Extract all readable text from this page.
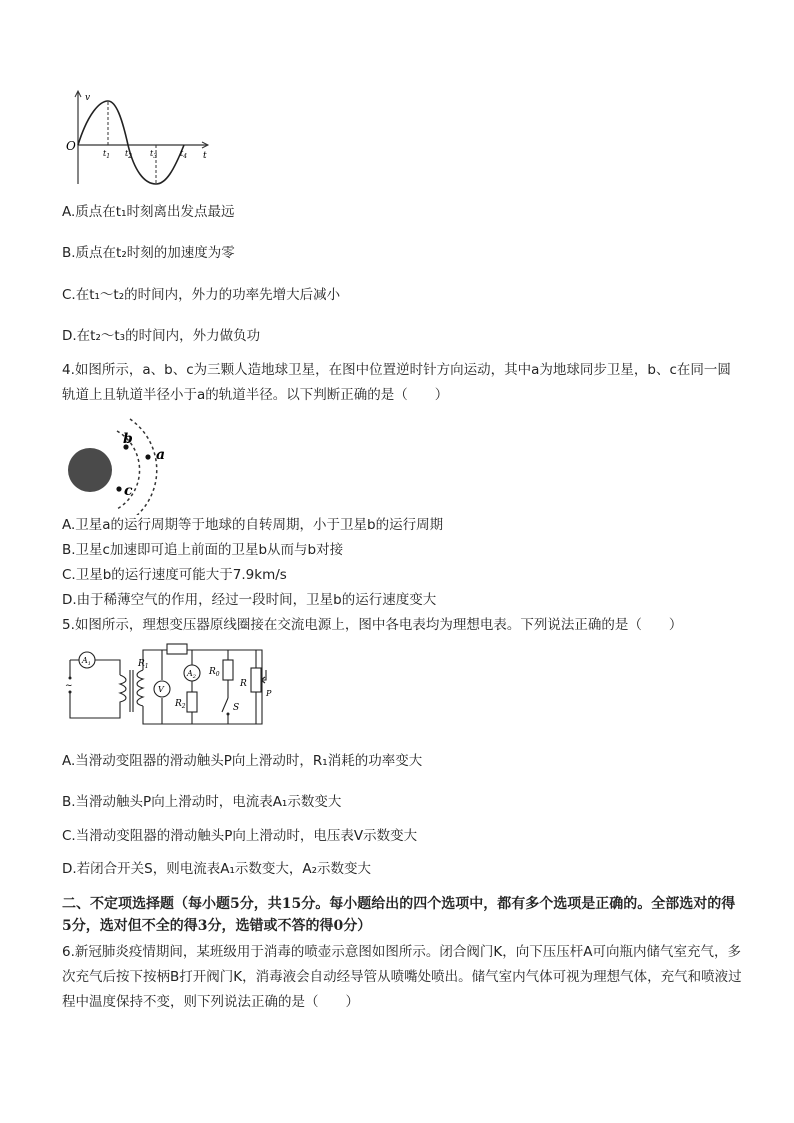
v
O
t
$t_1$ $t_2$ $t_3$	$t_4$
A.质点在t₁时刻离出发点最远
B.质点在t₂时刻的加速度为零
C.在t₁～t₂的时间内，外力的功率先增大后减小
D.在t₂～t₃的时间内，外力做负功
4.如图所示，a、b、c为三颗人造地球卫星，在图中位置逆时针方向运动，其中a为地球同步卫星，b、c在同一圆轨道上且轨道半径小于a的轨道半径。以下判断正确的是（　　）
b
c
a
A.卫星a的运行周期等于地球的自转周期，小于卫星b的运行周期
B.卫星c加速即可追上前面的卫星b从而与b对接
C.卫星b的运行速度可能大于7.9km/s
D.由于稀薄空气的作用，经过一段时间，卫星b的运行速度变大
5.如图所示，理想变压器原线圈接在交流电源上，图中各电表均为理想电表。下列说法正确的是（　　）
~
$A_1$
V
$A_2$
$R_1$
$R_2$
$R_0$
R
P
S
A.当滑动变阻器的滑动触头P向上滑动时，R₁消耗的功率变大
B.当滑动触头P向上滑动时，电流表A₁示数变大
C.当滑动变阻器的滑动触头P向上滑动时，电压表V示数变大
D.若闭合开关S，则电流表A₁示数变大，A₂示数变大
二、不定项选择题（每小题5分，共15分。每小题给出的四个选项中，都有多个选项是正确的。全部选对的得5分，选对但不全的得3分，选错或不答的得0分）
6.新冠肺炎疫情期间，某班级用于消毒的喷壶示意图如图所示。闭合阀门K，向下压压杆A可向瓶内储气室充气，多次充气后按下按柄B打开阀门K，消毒液会自动经导管从喷嘴处喷出。储气室内气体可视为理想气体，充气和喷液过程中温度保持不变，则下列说法正确的是（　　）
